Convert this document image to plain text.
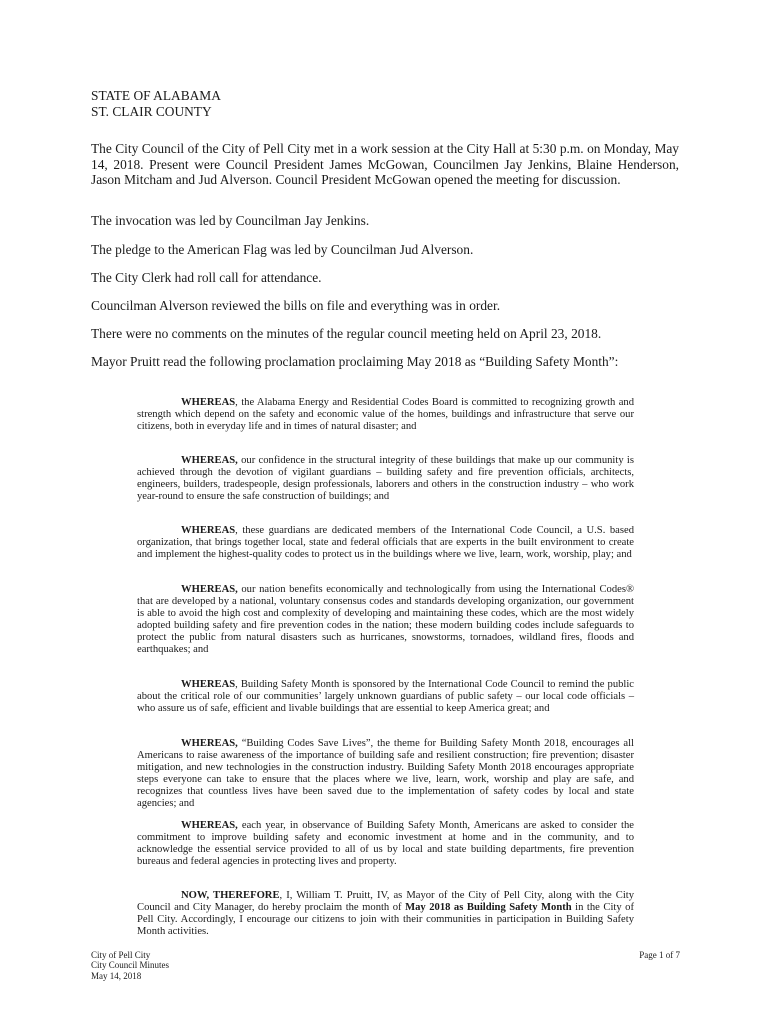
STATE OF ALABAMA
ST. CLAIR COUNTY

The City Council of the City of Pell City met in a work session at the City Hall at 5:30 p.m. on Monday, May 14, 2018. Present were Council President James McGowan, Councilmen Jay Jenkins, Blaine Henderson, Jason Mitcham and Jud Alverson. Council President McGowan opened the meeting for discussion.

The invocation was led by Councilman Jay Jenkins.

The pledge to the American Flag was led by Councilman Jud Alverson.

The City Clerk had roll call for attendance.

Councilman Alverson reviewed the bills on file and everything was in order.

There were no comments on the minutes of the regular council meeting held on April 23, 2018.

Mayor Pruitt read the following proclamation proclaiming May 2018 as “Building Safety Month”:

WHEREAS, the Alabama Energy and Residential Codes Board is committed to recognizing growth and strength which depend on the safety and economic value of the homes, buildings and infrastructure that serve our citizens, both in everyday life and in times of natural disaster; and

WHEREAS, our confidence in the structural integrity of these buildings that make up our community is achieved through the devotion of vigilant guardians – building safety and fire prevention officials, architects, engineers, builders, tradespeople, design professionals, laborers and others in the construction industry – who work year-round to ensure the safe construction of buildings; and

WHEREAS, these guardians are dedicated members of the International Code Council, a U.S. based organization, that brings together local, state and federal officials that are experts in the built environment to create and implement the highest-quality codes to protect us in the buildings where we live, learn, work, worship, play; and

WHEREAS, our nation benefits economically and technologically from using the International Codes® that are developed by a national, voluntary consensus codes and standards developing organization, our government is able to avoid the high cost and complexity of developing and maintaining these codes, which are the most widely adopted building safety and fire prevention codes in the nation; these modern building codes include safeguards to protect the public from natural disasters such as hurricanes, snowstorms, tornadoes, wildland fires, floods and earthquakes; and

WHEREAS, Building Safety Month is sponsored by the International Code Council to remind the public about the critical role of our communities’ largely unknown guardians of public safety – our local code officials – who assure us of safe, efficient and livable buildings that are essential to keep America great; and

WHEREAS, “Building Codes Save Lives”, the theme for Building Safety Month 2018, encourages all Americans to raise awareness of the importance of building safe and resilient construction; fire prevention; disaster mitigation, and new technologies in the construction industry. Building Safety Month 2018 encourages appropriate steps everyone can take to ensure that the places where we live, learn, work, worship and play are safe, and recognizes that countless lives have been saved due to the implementation of safety codes by local and state agencies; and

WHEREAS, each year, in observance of Building Safety Month, Americans are asked to consider the commitment to improve building safety and economic investment at home and in the community, and to acknowledge the essential service provided to all of us by local and state building departments, fire prevention bureaus and federal agencies in protecting lives and property.

NOW, THEREFORE, I, William T. Pruitt, IV, as Mayor of the City of Pell City, along with the City Council and City Manager, do hereby proclaim the month of May 2018 as Building Safety Month in the City of Pell City. Accordingly, I encourage our citizens to join with their communities in participation in Building Safety Month activities.

City of Pell City
City Council Minutes
May 14, 2018
Page 1 of 7
